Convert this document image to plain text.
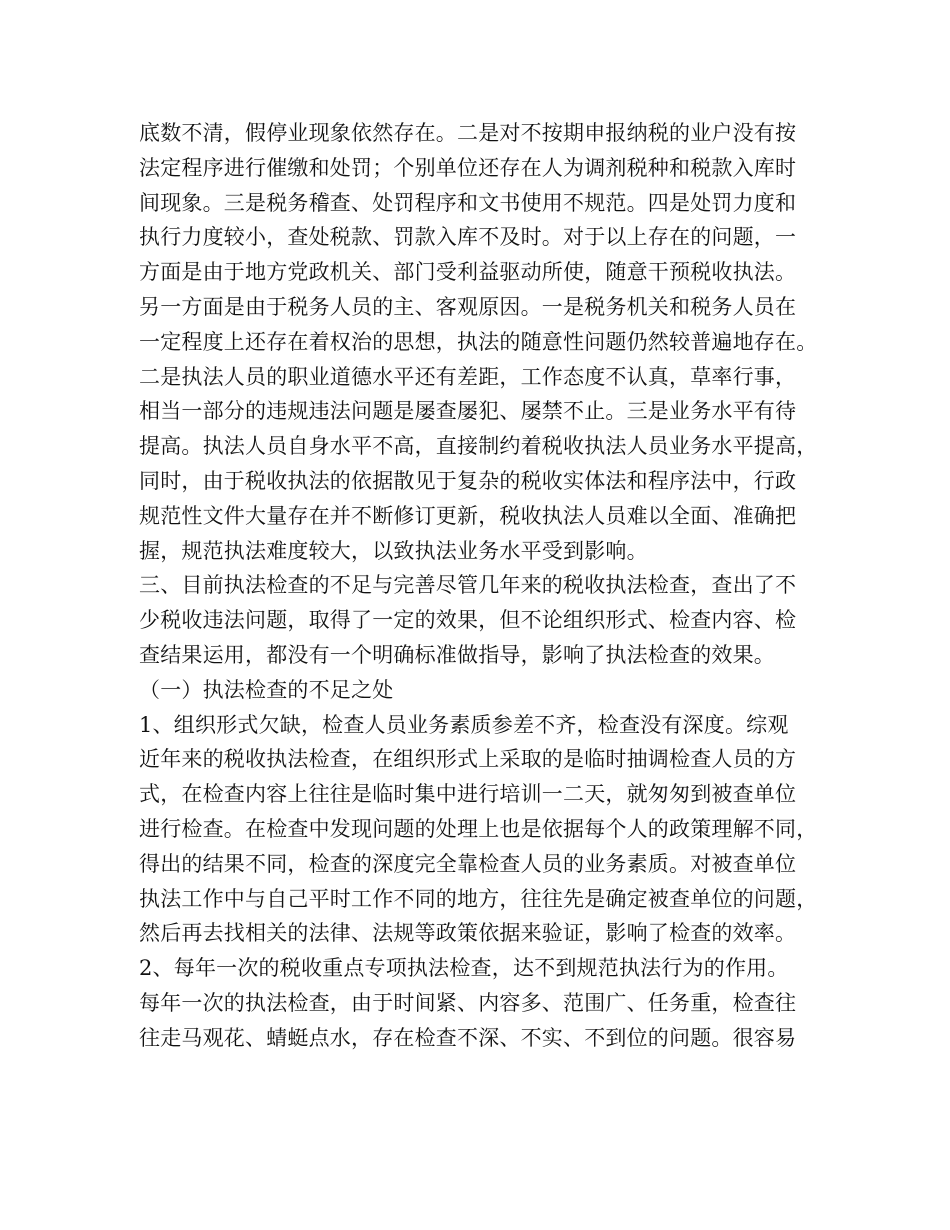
底数不清，假停业现象依然存在。二是对不按期申报纳税的业户没有按
法定程序进行催缴和处罚；个别单位还存在人为调剂税种和税款入库时
间现象。三是税务稽查、处罚程序和文书使用不规范。四是处罚力度和
执行力度较小，查处税款、罚款入库不及时。对于以上存在的问题，一
方面是由于地方党政机关、部门受利益驱动所使，随意干预税收执法。
另一方面是由于税务人员的主、客观原因。一是税务机关和税务人员在
一定程度上还存在着权治的思想，执法的随意性问题仍然较普遍地存在。
二是执法人员的职业道德水平还有差距，工作态度不认真，草率行事，
相当一部分的违规违法问题是屡查屡犯、屡禁不止。三是业务水平有待
提高。执法人员自身水平不高，直接制约着税收执法人员业务水平提高，
同时，由于税收执法的依据散见于复杂的税收实体法和程序法中，行政
规范性文件大量存在并不断修订更新，税收执法人员难以全面、准确把
握，规范执法难度较大，以致执法业务水平受到影响。
三、目前执法检查的不足与完善尽管几年来的税收执法检查，查出了不
少税收违法问题，取得了一定的效果，但不论组织形式、检查内容、检
查结果运用，都没有一个明确标准做指导，影响了执法检查的效果。
（一）执法检查的不足之处
1、组织形式欠缺，检查人员业务素质参差不齐，检查没有深度。综观
近年来的税收执法检查，在组织形式上采取的是临时抽调检查人员的方
式，在检查内容上往往是临时集中进行培训一二天，就匆匆到被查单位
进行检查。在检查中发现问题的处理上也是依据每个人的政策理解不同，
得出的结果不同，检查的深度完全靠检查人员的业务素质。对被查单位
执法工作中与自己平时工作不同的地方，往往先是确定被查单位的问题，
然后再去找相关的法律、法规等政策依据来验证，影响了检查的效率。
2、每年一次的税收重点专项执法检查，达不到规范执法行为的作用。
每年一次的执法检查，由于时间紧、内容多、范围广、任务重，检查往
往走马观花、蜻蜓点水，存在检查不深、不实、不到位的问题。很容易
